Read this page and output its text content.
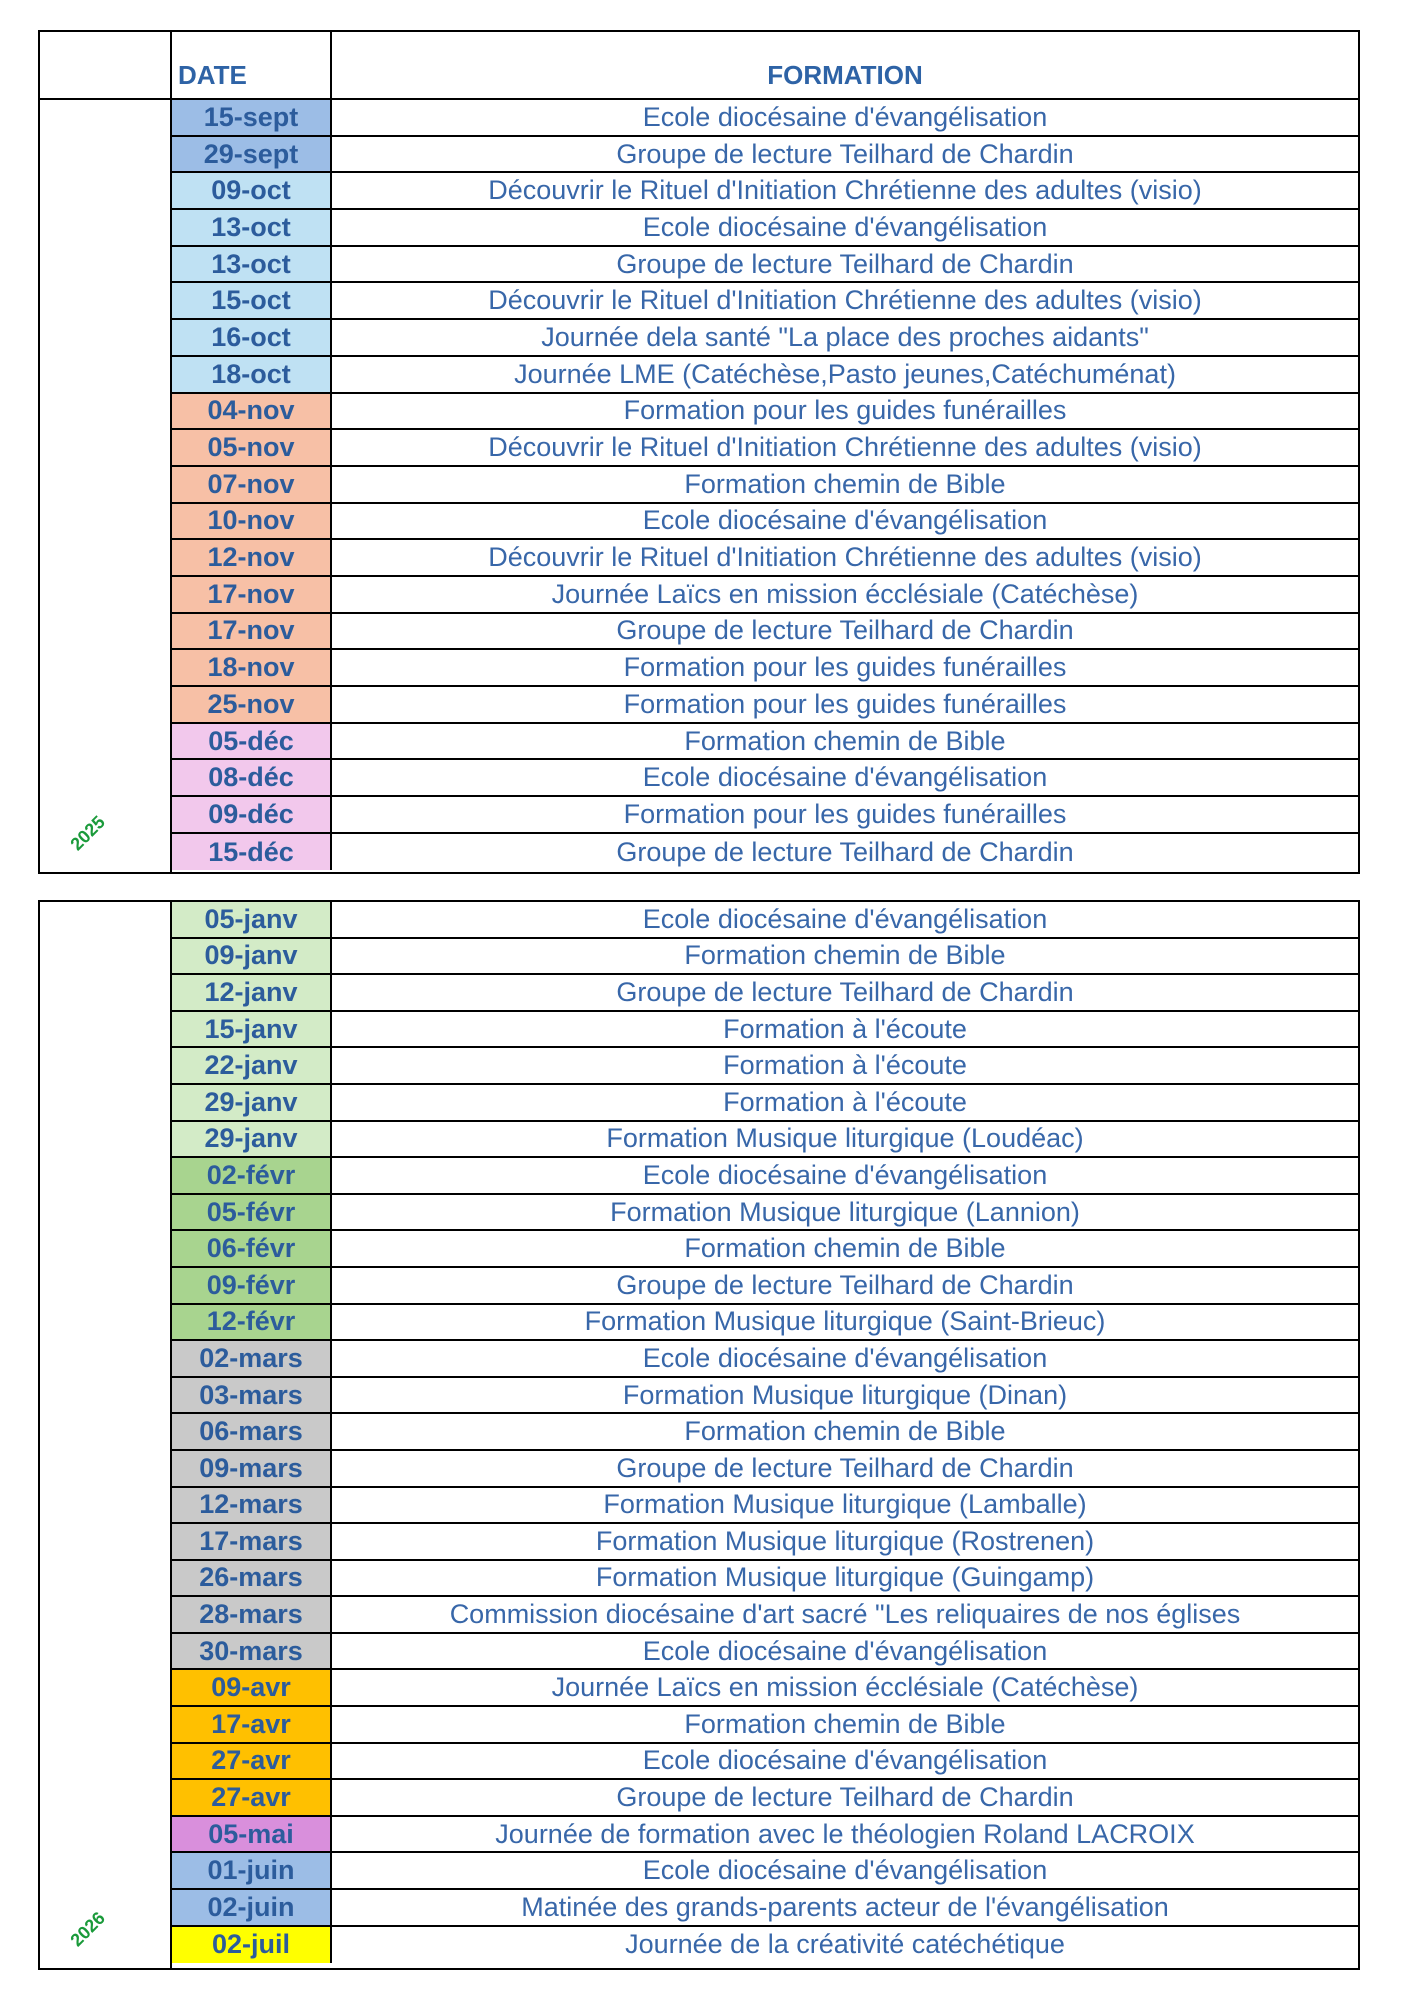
2025
DATE	FORMATION
15-sept	Ecole diocésaine d'évangélisation
29-sept	Groupe de lecture Teilhard de Chardin
09-oct	Découvrir le Rituel d'Initiation Chrétienne des adultes (visio)
13-oct	Ecole diocésaine d'évangélisation
13-oct	Groupe de lecture Teilhard de Chardin
15-oct	Découvrir le Rituel d'Initiation Chrétienne des adultes (visio)
16-oct	Journée dela santé "La place des proches aidants"
18-oct	Journée LME (Catéchèse,Pasto jeunes,Catéchuménat)
04-nov	Formation pour les guides funérailles
05-nov	Découvrir le Rituel d'Initiation Chrétienne des adultes (visio)
07-nov	Formation chemin de Bible
10-nov	Ecole diocésaine d'évangélisation
12-nov	Découvrir le Rituel d'Initiation Chrétienne des adultes (visio)
17-nov	Journée Laïcs en mission écclésiale (Catéchèse)
17-nov	Groupe de lecture Teilhard de Chardin
18-nov	Formation pour les guides funérailles
25-nov	Formation pour les guides funérailles
05-déc	Formation chemin de Bible
08-déc	Ecole diocésaine d'évangélisation
09-déc	Formation pour les guides funérailles
15-déc	Groupe de lecture Teilhard de Chardin
2026
05-janv	Ecole diocésaine d'évangélisation
09-janv	Formation chemin de Bible
12-janv	Groupe de lecture Teilhard de Chardin
15-janv	Formation à l'écoute
22-janv	Formation à l'écoute
29-janv	Formation à l'écoute
29-janv	Formation Musique liturgique (Loudéac)
02-févr	Ecole diocésaine d'évangélisation
05-févr	Formation Musique liturgique (Lannion)
06-févr	Formation chemin de Bible
09-févr	Groupe de lecture Teilhard de Chardin
12-févr	Formation Musique liturgique (Saint-Brieuc)
02-mars	Ecole diocésaine d'évangélisation
03-mars	Formation Musique liturgique (Dinan)
06-mars	Formation chemin de Bible
09-mars	Groupe de lecture Teilhard de Chardin
12-mars	Formation Musique liturgique (Lamballe)
17-mars	Formation Musique liturgique (Rostrenen)
26-mars	Formation Musique liturgique (Guingamp)
28-mars	Commission diocésaine d'art sacré "Les reliquaires de nos églises
30-mars	Ecole diocésaine d'évangélisation
09-avr	Journée Laïcs en mission écclésiale (Catéchèse)
17-avr	Formation chemin de Bible
27-avr	Ecole diocésaine d'évangélisation
27-avr	Groupe de lecture Teilhard de Chardin
05-mai	Journée de formation avec le théologien Roland LACROIX
01-juin	Ecole diocésaine d'évangélisation
02-juin	Matinée des grands-parents acteur de l'évangélisation
02-juil	Journée de la créativité catéchétique
